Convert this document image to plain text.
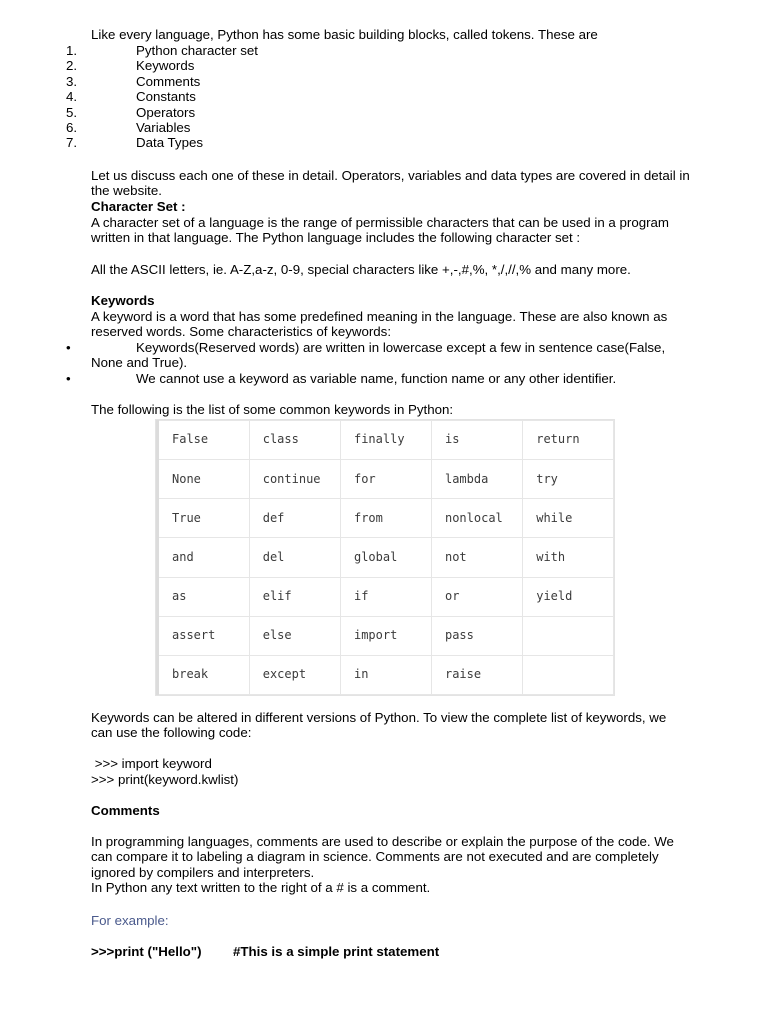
Like every language, Python has some basic building blocks, called tokens. These are

1.	Python character set
2.	Keywords
3.	Comments
4.	Constants
5.	Operators
6.	Variables
7.	Data Types

Let us discuss each one of these in detail. Operators, variables and data types are covered in detail in the website.

Character Set :

A character set of a language is the range of permissible characters that can be used in a program written in that language. The Python language includes the following character set :

All the ASCII letters, ie. A-Z,a-z, 0-9, special characters like +,-,#,%, *,/,//,% and many more.

Keywords

A keyword is a word that has some predefined meaning in the language. These are also known as reserved words. Some characteristics of keywords:

•	Keywords(Reserved words) are written in lowercase except a few in sentence case(False,

None and True).

•	We cannot use a keyword as variable name, function name or any other identifier.

The following is the list of some common keywords in Python:

False	class	finally	is	return
None	continue	for	lambda	try
True	def	from	nonlocal	while
and	del	global	not	with
as	elif	if	or	yield
assert	else	import	pass	
break	except	in	raise	

Keywords can be altered in different versions of Python. To view the complete list of keywords, we can use the following code:

>>> import keyword

>>> print(keyword.kwlist)

Comments

In programming languages, comments are used to describe or explain the purpose of the code. We can compare it to labeling a diagram in science. Comments are not executed and are completely ignored by compilers and interpreters.

In Python any text written to the right of a # is a comment.

For example:

>>>print ("Hello")	#This is a simple print statement
